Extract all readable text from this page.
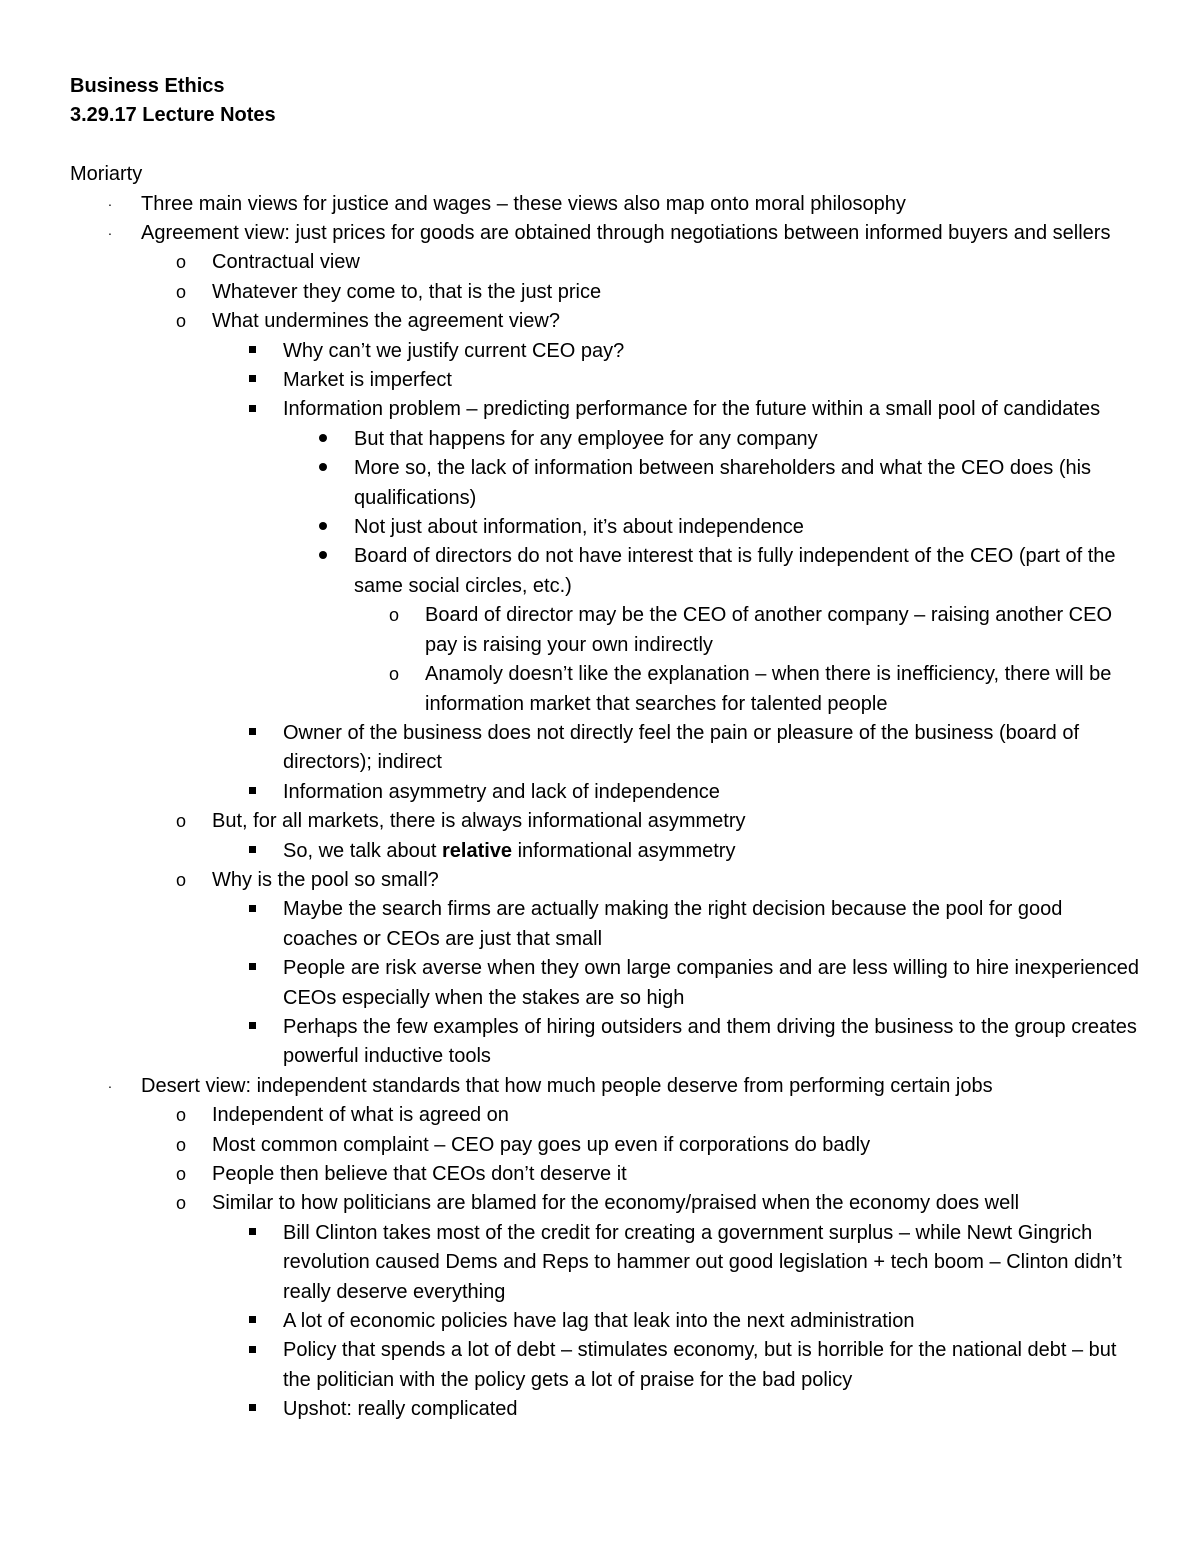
Business Ethics

3.29.17 Lecture Notes

Moriarty

·	Three main views for justice and wages – these views also map onto moral philosophy
·	Agreement view: just prices for goods are obtained through negotiations between informed buyers and sellers
o Contractual view
o Whatever they come to, that is the just price
o What undermines the agreement view?
Why can’t we justify current CEO pay?
Market is imperfect
Information problem – predicting performance for the future within a small pool of candidates
But that happens for any employee for any company
More so, the lack of information between shareholders and what the CEO does (his qualifications)
Not just about information, it’s about independence
Board of directors do not have interest that is fully independent of the CEO (part of the same social circles, etc.)
o Board of director may be the CEO of another company – raising another CEO pay is raising your own indirectly
o Anamoly doesn’t like the explanation – when there is inefficiency, there will be information market that searches for talented people
Owner of the business does not directly feel the pain or pleasure of the business (board of directors); indirect
Information asymmetry and lack of independence
o But, for all markets, there is always informational asymmetry
So, we talk about relative informational asymmetry
o Why is the pool so small?
Maybe the search firms are actually making the right decision because the pool for good coaches or CEOs are just that small
People are risk averse when they own large companies and are less willing to hire inexperienced CEOs especially when the stakes are so high
Perhaps the few examples of hiring outsiders and them driving the business to the group creates powerful inductive tools
·	Desert view: independent standards that how much people deserve from performing certain jobs
o Independent of what is agreed on
o Most common complaint – CEO pay goes up even if corporations do badly
o People then believe that CEOs don’t deserve it
o Similar to how politicians are blamed for the economy/praised when the economy does well
Bill Clinton takes most of the credit for creating a government surplus – while Newt Gingrich revolution caused Dems and Reps to hammer out good legislation + tech boom – Clinton didn’t really deserve everything
A lot of economic policies have lag that leak into the next administration
Policy that spends a lot of debt – stimulates economy, but is horrible for the national debt – but the politician with the policy gets a lot of praise for the bad policy
Upshot: really complicated
